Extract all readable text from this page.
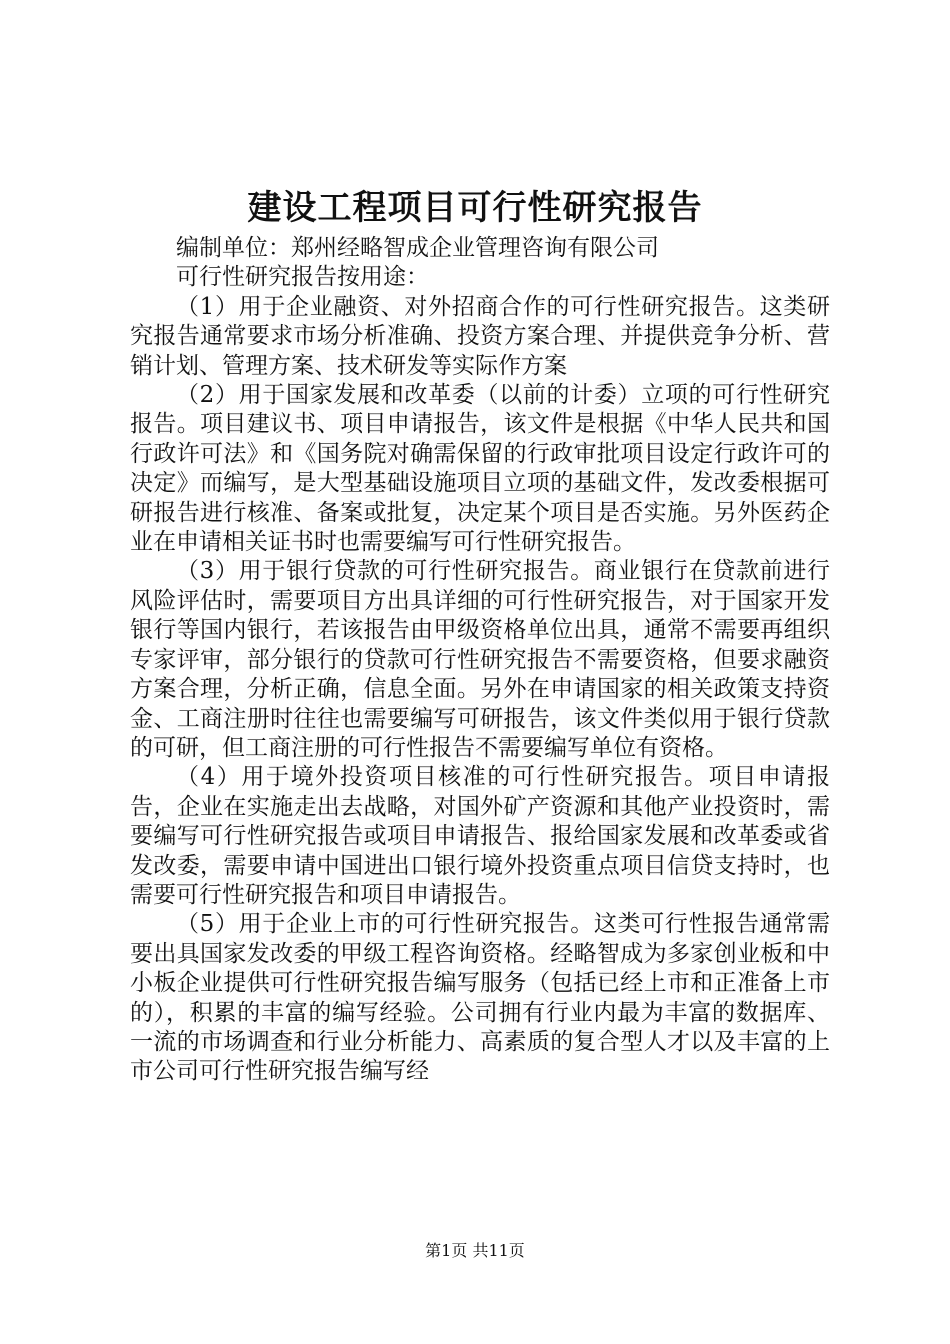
建设工程项目可行性研究报告

编制单位：郑州经略智成企业管理咨询有限公司

可行性研究报告按用途：

（1）用于企业融资、对外招商合作的可行性研究报告。这类研究报告通常要求市场分析准确、投资方案合理、并提供竞争分析、营销计划、管理方案、技术研发等实际作方案

（2）用于国家发展和改革委（以前的计委）立项的可行性研究报告。项目建议书、项目申请报告，该文件是根据《中华人民共和国行政许可法》和《国务院对确需保留的行政审批项目设定行政许可的决定》而编写，是大型基础设施项目立项的基础文件，发改委根据可研报告进行核准、备案或批复，决定某个项目是否实施。另外医药企业在申请相关证书时也需要编写可行性研究报告。

（3）用于银行贷款的可行性研究报告。商业银行在贷款前进行风险评估时，需要项目方出具详细的可行性研究报告，对于国家开发银行等国内银行，若该报告由甲级资格单位出具，通常不需要再组织专家评审，部分银行的贷款可行性研究报告不需要资格，但要求融资方案合理，分析正确，信息全面。另外在申请国家的相关政策支持资金、工商注册时往往也需要编写可研报告，该文件类似用于银行贷款的可研，但工商注册的可行性报告不需要编写单位有资格。

（4）用于境外投资项目核准的可行性研究报告。项目申请报告，企业在实施走出去战略，对国外矿产资源和其他产业投资时，需要编写可行性研究报告或项目申请报告、报给国家发展和改革委或省发改委，需要申请中国进出口银行境外投资重点项目信贷支持时，也需要可行性研究报告和项目申请报告。

（5）用于企业上市的可行性研究报告。这类可行性报告通常需要出具国家发改委的甲级工程咨询资格。经略智成为多家创业板和中小板企业提供可行性研究报告编写服务（包括已经上市和正准备上市的），积累的丰富的编写经验。公司拥有行业内最为丰富的数据库、一流的市场调查和行业分析能力、高素质的复合型人才以及丰富的上市公司可行性研究报告编写经

第1页 共11页
